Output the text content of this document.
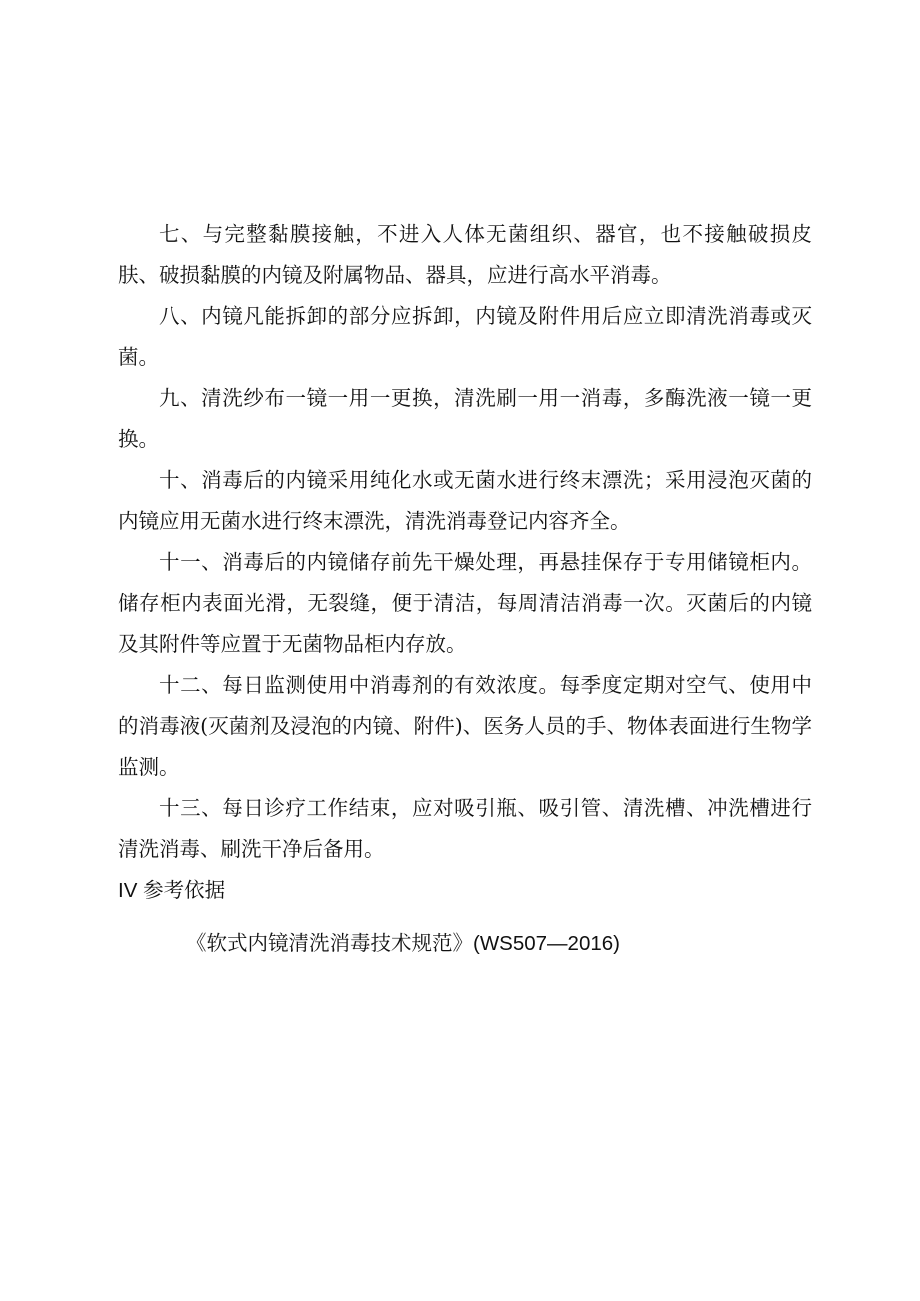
七、与完整黏膜接触，不进入人体无菌组织、器官，也不接触破损皮肤、破损黏膜的内镜及附属物品、器具，应进行高水平消毒。

八、内镜凡能拆卸的部分应拆卸，内镜及附件用后应立即清洗消毒或灭菌。

九、清洗纱布一镜一用一更换，清洗刷一用一消毒，多酶洗液一镜一更换。

十、消毒后的内镜采用纯化水或无菌水进行终末漂洗；采用浸泡灭菌的内镜应用无菌水进行终末漂洗，清洗消毒登记内容齐全。

十一、消毒后的内镜储存前先干燥处理，再悬挂保存于专用储镜柜内。储存柜内表面光滑，无裂缝，便于清洁，每周清洁消毒一次。灭菌后的内镜及其附件等应置于无菌物品柜内存放。

十二、每日监测使用中消毒剂的有效浓度。每季度定期对空气、使用中的消毒液(灭菌剂及浸泡的内镜、附件)、医务人员的手、物体表面进行生物学监测。

十三、每日诊疗工作结束，应对吸引瓶、吸引管、清洗槽、冲洗槽进行清洗消毒、刷洗干净后备用。

IV 参考依据

《软式内镜清洗消毒技术规范》(WS507—2016)
